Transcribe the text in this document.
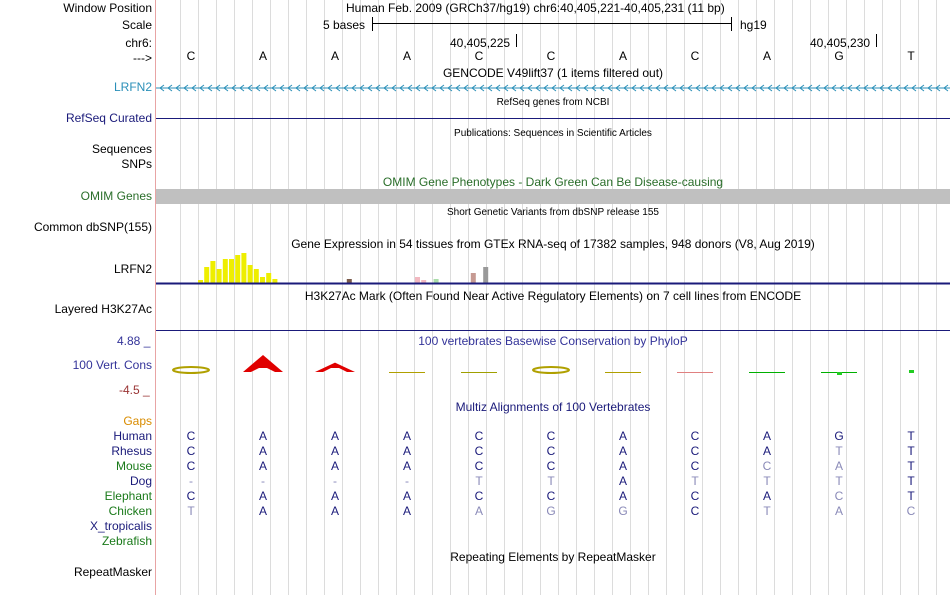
Window Position	Human Feb. 2009 (GRCh37/hg19) chr6:40,405,221-40,405,231 (11 bp)
Scale	5 bases	hg19
chr6:	40,405,225	40,405,230
--->	C	A	A	A	C	C	A	C	A	G	T
GENCODE V49lift37 (1 items filtered out)
LRFN2
RefSeq genes from NCBI
RefSeq Curated
Publications: Sequences in Scientific Articles
Sequences
SNPs
OMIM Gene Phenotypes - Dark Green Can Be Disease-causing
OMIM Genes
Short Genetic Variants from dbSNP release 155
Common dbSNP(155)
Gene Expression in 54 tissues from GTEx RNA-seq of 17382 samples, 948 donors (V8, Aug 2019)
LRFN2
H3K27Ac Mark (Often Found Near Active Regulatory Elements) on 7 cell lines from ENCODE
Layered H3K27Ac
4.88 _	100 vertebrates Basewise Conservation by PhyloP
100 Vert. Cons
-4.5 _
Multiz Alignments of 100 Vertebrates
Gaps
Human	C	A	A	A	C	C	A	C	A	G	T
Rhesus	C	A	A	A	C	C	A	C	A	T	T
Mouse	C	A	A	A	C	C	A	C	C	A	T
Dog	-	-	-	-	T	T	A	T	T	T	T
Elephant	C	A	A	A	C	C	A	C	A	C	T
Chicken	T	A	A	A	A	G	G	C	T	A	C
X_tropicalis
Zebrafish
Repeating Elements by RepeatMasker
RepeatMasker
